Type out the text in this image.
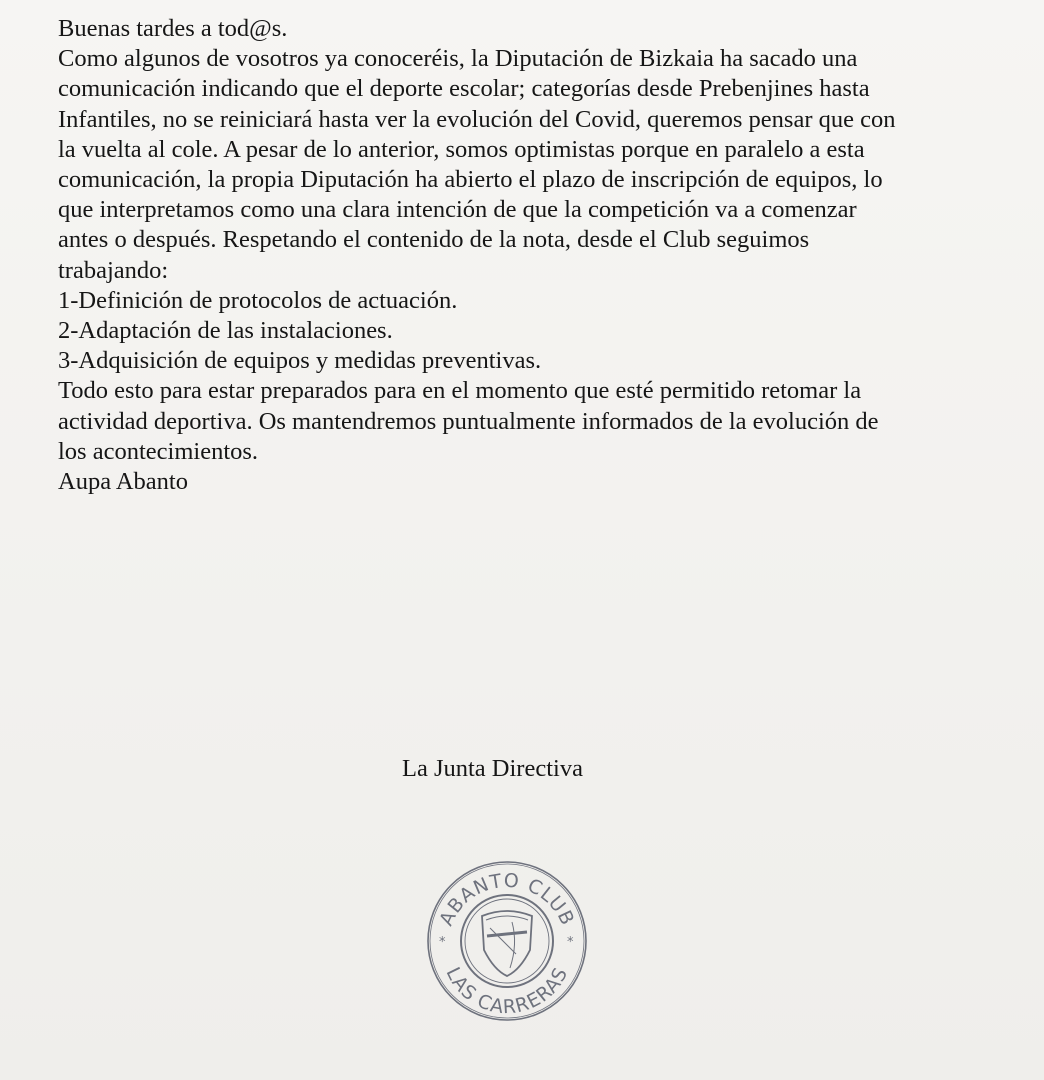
Buenas tardes a tod@s.
Como algunos de vosotros ya conoceréis, la Diputación de Bizkaia ha sacado una
comunicación indicando que el deporte escolar; categorías desde Prebenjines hasta
Infantiles, no se reiniciará hasta ver la evolución del Covid, queremos pensar que con
la vuelta al cole. A pesar de lo anterior, somos optimistas porque en paralelo a esta
comunicación, la propia Diputación ha abierto el plazo de inscripción de equipos, lo
que interpretamos como una clara intención de que la competición va a comenzar
antes o después. Respetando el contenido de la nota, desde el Club seguimos
trabajando:
1-Definición de protocolos de actuación.
2-Adaptación de las instalaciones.
3-Adquisición de equipos y medidas preventivas.
Todo esto para estar preparados para en el momento que esté permitido retomar la
actividad deportiva. Os mantendremos puntualmente informados de la evolución de
los acontecimientos.
Aupa Abanto
La Junta Directiva
ABANTO CLUB
LAS CARRERAS
*	*
